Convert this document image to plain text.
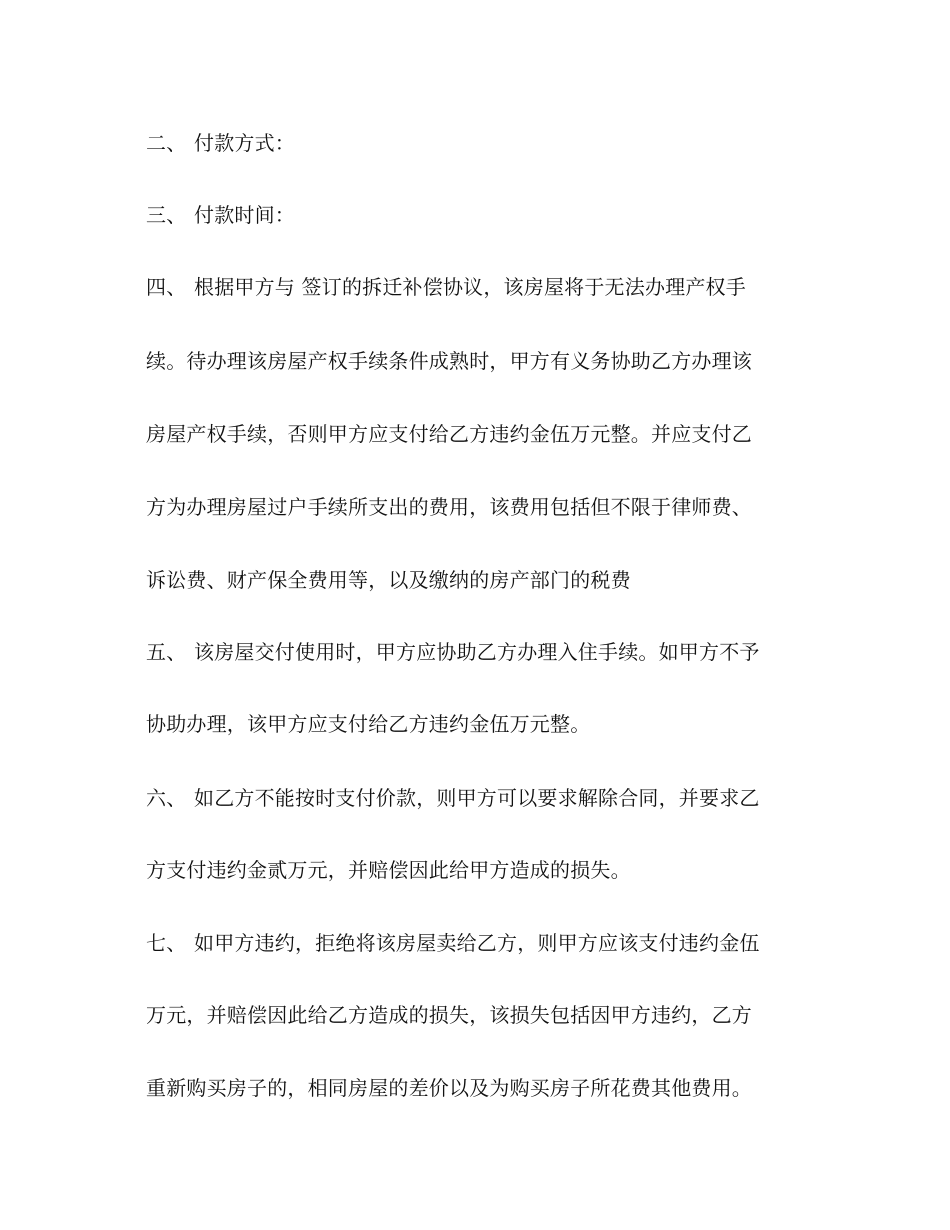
二、 付款方式：
三、 付款时间：
四、 根据甲方与 签订的拆迁补偿协议，该房屋将于无法办理产权手
续。待办理该房屋产权手续条件成熟时，甲方有义务协助乙方办理该
房屋产权手续，否则甲方应支付给乙方违约金伍万元整。并应支付乙
方为办理房屋过户手续所支出的费用，该费用包括但不限于律师费、
诉讼费、财产保全费用等，以及缴纳的房产部门的税费
五、 该房屋交付使用时，甲方应协助乙方办理入住手续。如甲方不予
协助办理，该甲方应支付给乙方违约金伍万元整。
六、 如乙方不能按时支付价款，则甲方可以要求解除合同，并要求乙
方支付违约金贰万元，并赔偿因此给甲方造成的损失。
七、 如甲方违约，拒绝将该房屋卖给乙方，则甲方应该支付违约金伍
万元，并赔偿因此给乙方造成的损失，该损失包括因甲方违约，乙方
重新购买房子的，相同房屋的差价以及为购买房子所花费其他费用。
